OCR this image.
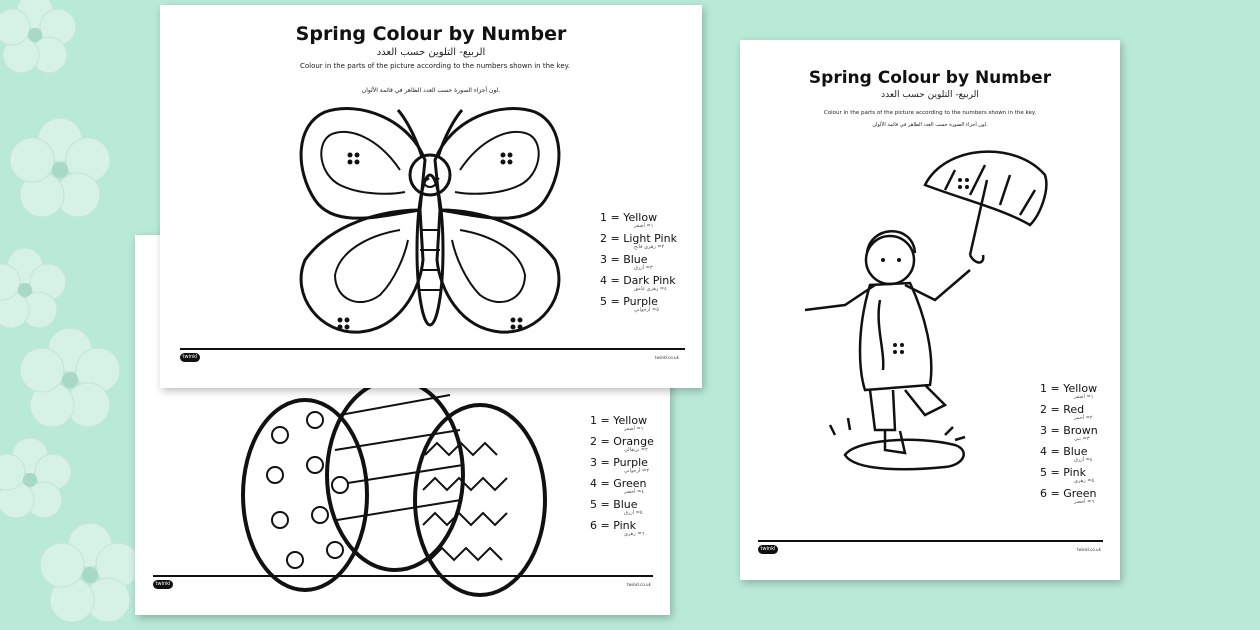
1 = Yellow
١= أصفر
2 = Orange
٢= برتقالي
3 = Purple
٣= أرجواني
4 = Green
٤= أخضر
5 = Blue
٥= أزرق
6 = Pink
٦= زهري
twinkl	twinkl.co.uk
Spring Colour by Number
الربيع- التلوين حسب العدد
Colour in the parts of the picture according to the numbers shown in the key.
لون أجزاء الصورة حسب العدد الظاهر في قائمة الألوان.
1 = Yellow
١= أصفر
2 = Light Pink
٢= زهري فاتح
3 = Blue
٣= أزرق
4 = Dark Pink
٤= زهري غامق
5 = Purple
٥= أرجواني
twinkl	twinkl.co.uk
Spring Colour by Number
الربيع- التلوين حسب العدد
Colour in the parts of the picture according to the numbers shown in the key.
لون أجزاء الصورة حسب العدد الظاهر في قائمة الألوان.
1 = Yellow
١= أصفر
2 = Red
٢= أحمر
3 = Brown
٣= بني
4 = Blue
٤= أزرق
5 = Pink
٥= زهري
6 = Green
٦= أخضر
twinkl	twinkl.co.uk
